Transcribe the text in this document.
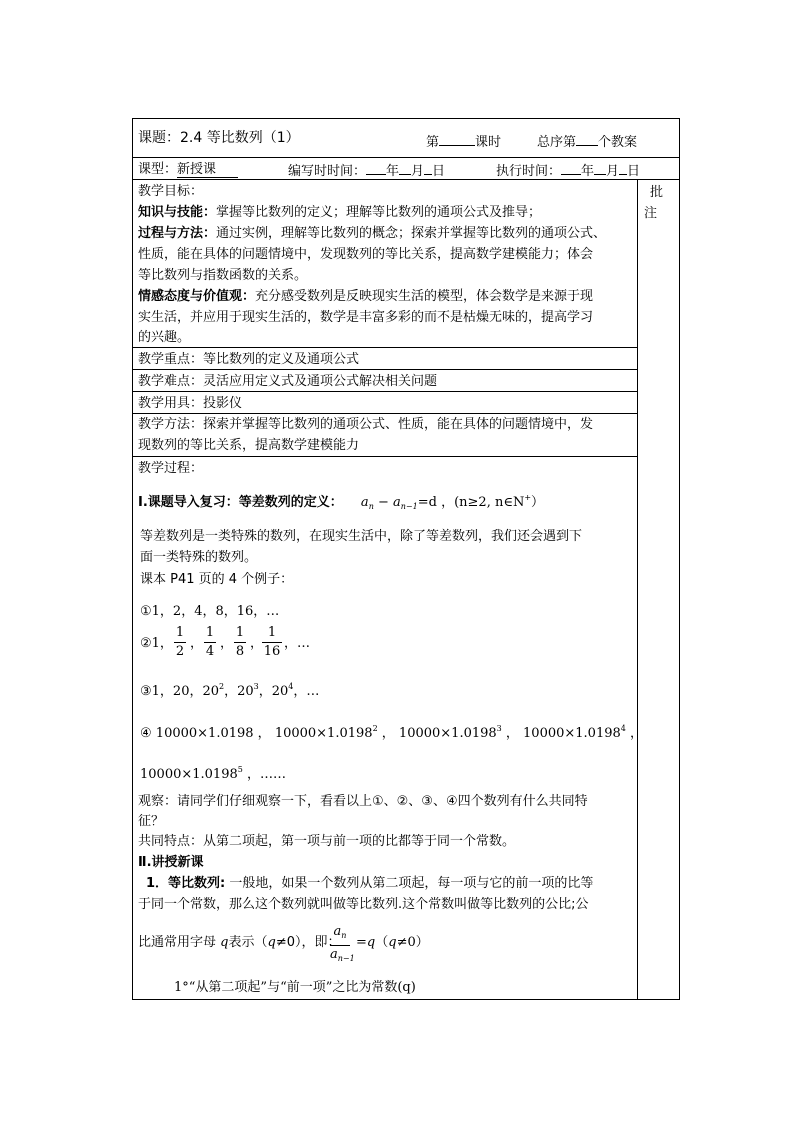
课题：2.4 等比数列（1）	第	课时	总序第 个教案
课型：新授课	编写时时间： 年 月 日	执行时间： 年 月 日
批
注
教学目标：
知识与技能：掌握等比数列的定义；理解等比数列的通项公式及推导；
过程与方法：通过实例，理解等比数列的概念；探索并掌握等比数列的通项公式、
性质，能在具体的问题情境中，发现数列的等比关系，提高数学建模能力；体会
等比数列与指数函数的关系。
情感态度与价值观：充分感受数列是反映现实生活的模型，体会数学是来源于现
实生活，并应用于现实生活的，数学是丰富多彩的而不是枯燥无味的，提高学习
的兴趣。
教学重点：等比数列的定义及通项公式
教学难点：灵活应用定义式及通项公式解决相关问题
教学用具：投影仪
教学方法：探索并掌握等比数列的通项公式、性质，能在具体的问题情境中，发
现数列的等比关系，提高数学建模能力
教学过程：
Ⅰ.课题导入复习：等差数列的定义： $a_n - a_{n-1}=d$ ，(n≥2, n∈N+）
等差数列是一类特殊的数列，在现实生活中，除了等差数列，我们还会遇到下
面一类特殊的数列。
课本 P41 页的 4 个例子：
①1，2，4，8，16，…
②1，
1
2
，
1
4
，
1
8
，
1
16
，…
③1，20，$20^2$，$20^3$，$20^4$，…
④ 10000×1.0198 ， $10000\times 1.0198^2$ ， $10000\times 1.0198^3$ ， $10000\times 1.0198^4$ ，
$10000\times 1.0198^5$ ，……
观察：请同学们仔细观察一下，看看以上①、②、③、④四个数列有什么共同特
征？
共同特点：从第二项起，第一项与前一项的比都等于同一个常数。
Ⅱ.讲授新课
1．等比数列: 一般地，如果一个数列从第二项起，每一项与它的前一项的比等
于同一个常数，那么这个数列就叫做等比数列.这个常数叫做等比数列的公比;公
比通常用字母 q表示（q≠0），即：
$a_n$
$a_{n-1}$
=q（q≠0）
1°“从第二项起”与“前一项”之比为常数(q)
